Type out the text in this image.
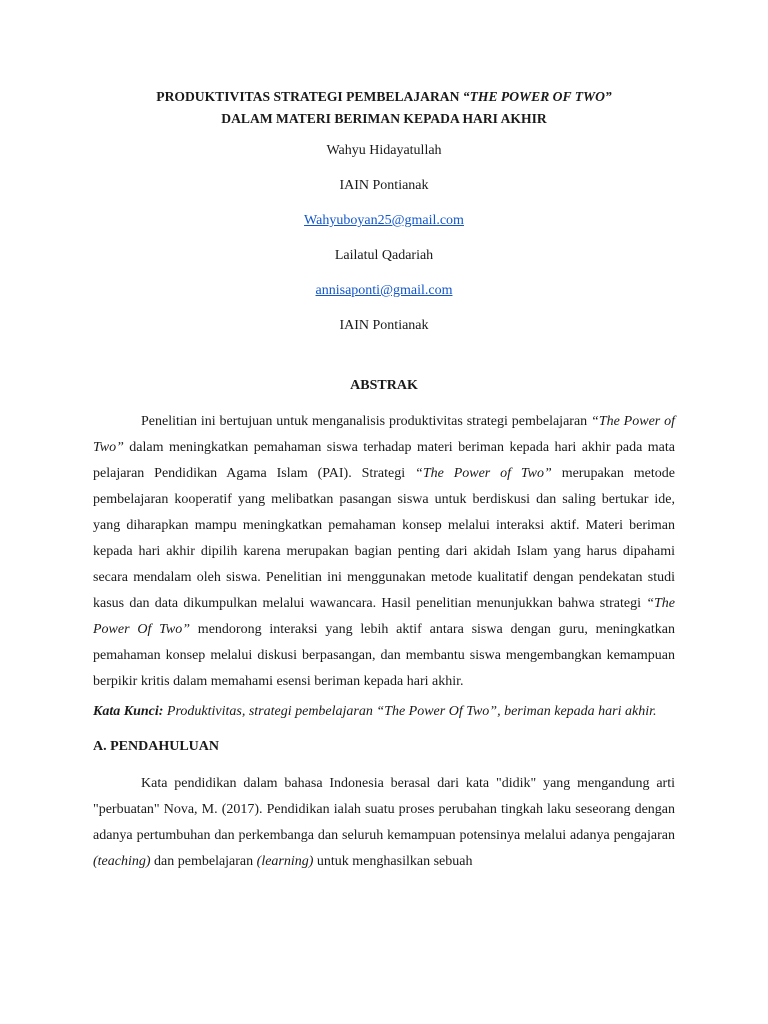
PRODUKTIVITAS STRATEGI PEMBELAJARAN “THE POWER OF TWO”
DALAM MATERI BERIMAN KEPADA HARI AKHIR
Wahyu Hidayatullah
IAIN Pontianak
Wahyuboyan25@gmail.com
Lailatul Qadariah
annisaponti@gmail.com
IAIN Pontianak
ABSTRAK

Penelitian ini bertujuan untuk menganalisis produktivitas strategi pembelajaran “The Power of Two” dalam meningkatkan pemahaman siswa terhadap materi beriman kepada hari akhir pada mata pelajaran Pendidikan Agama Islam (PAI). Strategi “The Power of Two” merupakan metode pembelajaran kooperatif yang melibatkan pasangan siswa untuk berdiskusi dan saling bertukar ide, yang diharapkan mampu meningkatkan pemahaman konsep melalui interaksi aktif. Materi beriman kepada hari akhir dipilih karena merupakan bagian penting dari akidah Islam yang harus dipahami secara mendalam oleh siswa. Penelitian ini menggunakan metode kualitatif dengan pendekatan studi kasus dan data dikumpulkan melalui wawancara. Hasil penelitian menunjukkan bahwa strategi “The Power Of Two” mendorong interaksi yang lebih aktif antara siswa dengan guru, meningkatkan pemahaman konsep melalui diskusi berpasangan, dan membantu siswa mengembangkan kemampuan berpikir kritis dalam memahami esensi beriman kepada hari akhir.

Kata Kunci: Produktivitas, strategi pembelajaran “The Power Of Two”, beriman kepada hari akhir.

A. PENDAHULUAN

Kata pendidikan dalam bahasa Indonesia berasal dari kata "didik" yang mengandung arti "perbuatan" Nova, M. (2017). Pendidikan ialah suatu proses perubahan tingkah laku seseorang dengan adanya pertumbuhan dan perkembanga dan seluruh kemampuan potensinya melalui adanya pengajaran (teaching) dan pembelajaran (learning) untuk menghasilkan sebuah
